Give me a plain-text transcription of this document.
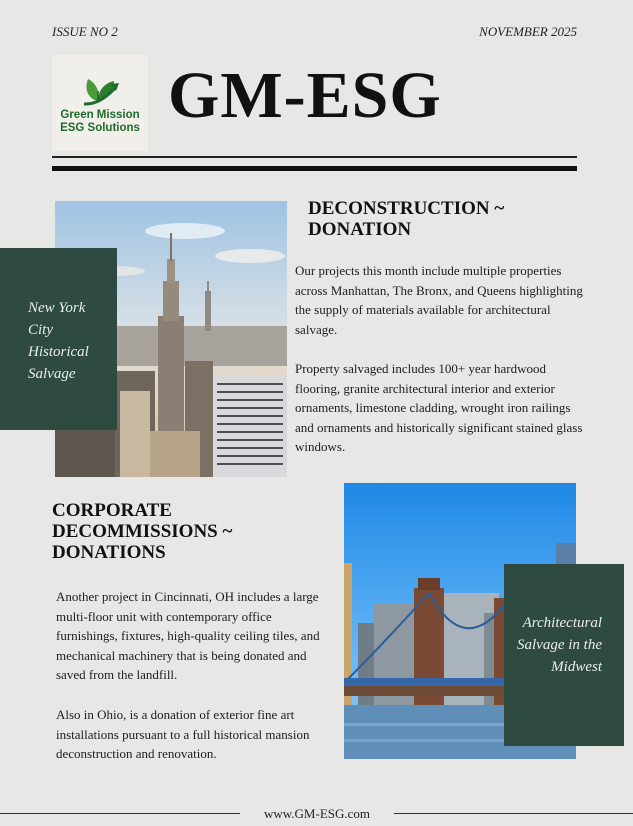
ISSUE NO 2	NOVEMBER 2025
Green Mission
ESG Solutions GM-ESG
New York
City
Historical
Salvage
DECONSTRUCTION ~
DONATION
Our projects this month include multiple properties across Manhattan, The Bronx, and Queens highlighting the supply of materials available for architectural salvage.
Property salvaged includes 100+ year hardwood flooring, granite architectural interior and exterior ornaments, limestone cladding, wrought iron railings and ornaments and historically significant stained glass windows.
CORPORATE
DECOMMISSIONS ~
DONATIONS
Another project in Cincinnati, OH includes a large multi-floor unit with contemporary office furnishings, fixtures, high-quality ceiling tiles, and mechanical machinery that is being donated and saved from the landfill.
Also in Ohio, is a donation of exterior fine art installations pursuant to a full historical mansion deconstruction and renovation.
Architectural
Salvage in the
Midwest
www.GM-ESG.com
